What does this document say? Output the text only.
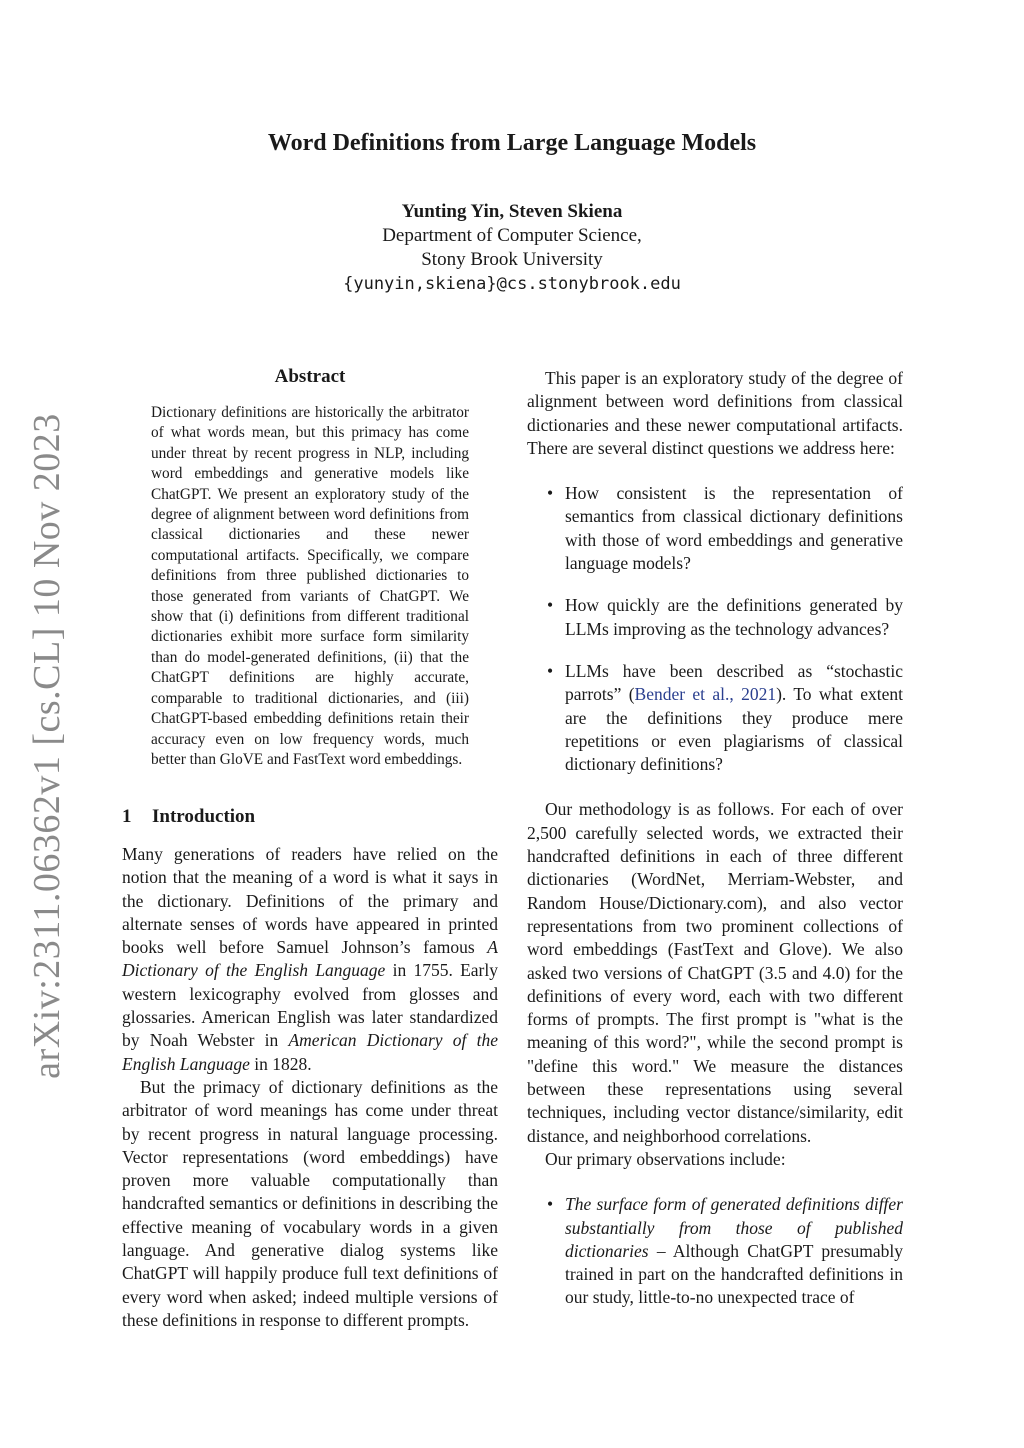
arXiv:2311.06362v1 [cs.CL] 10 Nov 2023
Word Definitions from Large Language Models
Yunting Yin, Steven Skiena
Department of Computer Science,
Stony Brook University
{yunyin,skiena}@cs.stonybrook.edu
Abstract
Dictionary definitions are historically the arbitrator of what words mean, but this primacy has come under threat by recent progress in NLP, including word embeddings and generative models like ChatGPT. We present an exploratory study of the degree of alignment between word definitions from classical dictionaries and these newer computational artifacts. Specifically, we compare definitions from three published dictionaries to those generated from variants of ChatGPT. We show that (i) definitions from different traditional dictionaries exhibit more surface form similarity than do model-generated definitions, (ii) that the ChatGPT definitions are highly accurate, comparable to traditional dictionaries, and (iii) ChatGPT-based embedding definitions retain their accuracy even on low frequency words, much better than GloVE and FastText word embeddings.
1 Introduction

Many generations of readers have relied on the notion that the meaning of a word is what it says in the dictionary. Definitions of the primary and alternate senses of words have appeared in printed books well before Samuel Johnson’s famous A Dictionary of the English Language in 1755. Early western lexicography evolved from glosses and glossaries. American English was later standardized by Noah Webster in American Dictionary of the English Language in 1828.

But the primacy of dictionary definitions as the arbitrator of word meanings has come under threat by recent progress in natural language processing. Vector representations (word embeddings) have proven more valuable computationally than handcrafted semantics or definitions in describing the effective meaning of vocabulary words in a given language. And generative dialog systems like ChatGPT will happily produce full text definitions of every word when asked; indeed multiple versions of these definitions in response to different prompts.

This paper is an exploratory study of the degree of alignment between word definitions from classical dictionaries and these newer computational artifacts. There are several distinct questions we address here:

• How consistent is the representation of semantics from classical dictionary definitions with those of word embeddings and generative language models?
• How quickly are the definitions generated by LLMs improving as the technology advances?
• LLMs have been described as “stochastic parrots” (Bender et al., 2021). To what extent are the definitions they produce mere repetitions or even plagiarisms of classical dictionary definitions?

Our methodology is as follows. For each of over 2,500 carefully selected words, we extracted their handcrafted definitions in each of three different dictionaries (WordNet, Merriam-Webster, and Random House/Dictionary.com), and also vector representations from two prominent collections of word embeddings (FastText and Glove). We also asked two versions of ChatGPT (3.5 and 4.0) for the definitions of every word, each with two different forms of prompts. The first prompt is "what is the meaning of this word?", while the second prompt is "define this word." We measure the distances between these representations using several techniques, including vector distance/similarity, edit distance, and neighborhood correlations.

Our primary observations include:

• The surface form of generated definitions differ substantially from those of published dictionaries – Although ChatGPT presumably trained in part on the handcrafted definitions in our study, little-to-no unexpected trace of
